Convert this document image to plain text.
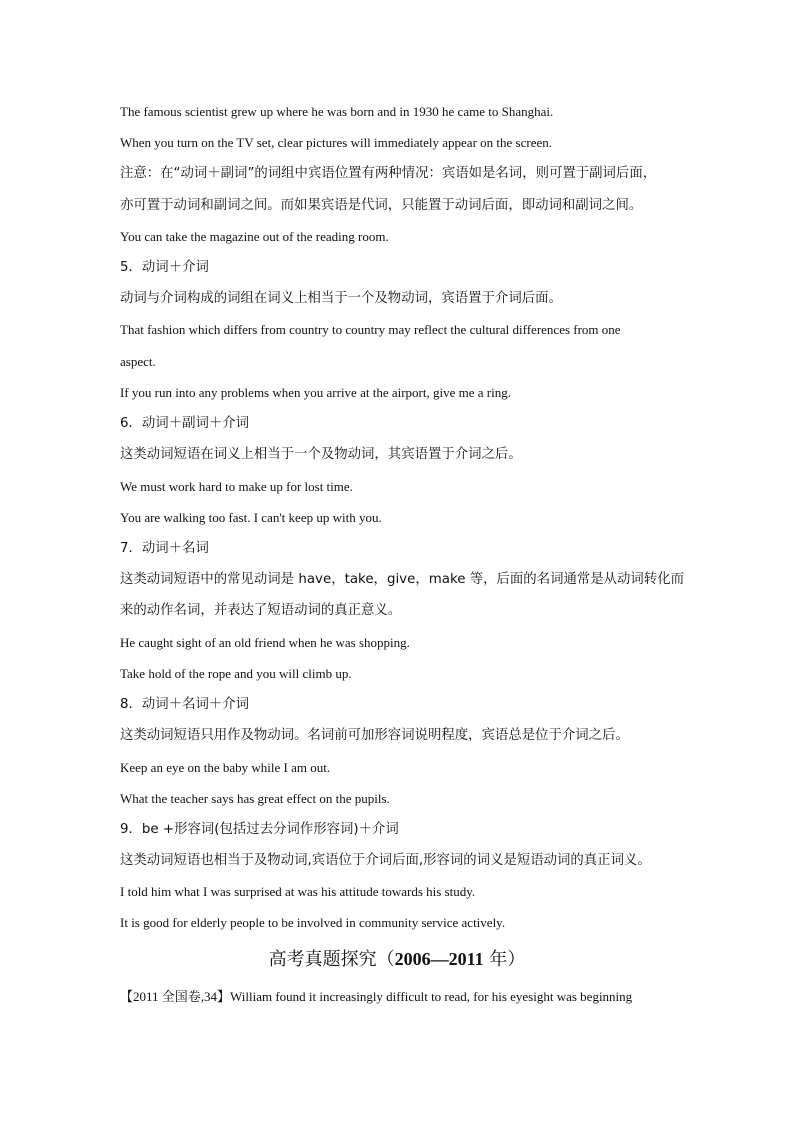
The famous scientist grew up where he was born and in 1930 he came to Shanghai.
When you turn on the TV set, clear pictures will immediately appear on the screen.
注意：在“动词＋副词”的词组中宾语位置有两种情况：宾语如是名词，则可置于副词后面，
亦可置于动词和副词之间。而如果宾语是代词，只能置于动词后面，即动词和副词之间。
You can take the magazine out of the reading room.
5．动词＋介词
动词与介词构成的词组在词义上相当于一个及物动词，宾语置于介词后面。
That fashion which differs from country to country may reflect the cultural differences from one
aspect.
If you run into any problems when you arrive at the airport, give me a ring.
6．动词＋副词＋介词
这类动词短语在词义上相当于一个及物动词，其宾语置于介词之后。
We must work hard to make up for lost time.
You are walking too fast. I can't keep up with you.
7．动词＋名词
这类动词短语中的常见动词是 have，take，give，make 等，后面的名词通常是从动词转化而
来的动作名词，并表达了短语动词的真正意义。
He caught sight of an old friend when he was shopping.
Take hold of the rope and you will climb up.
8．动词＋名词＋介词
这类动词短语只用作及物动词。名词前可加形容词说明程度，宾语总是位于介词之后。
Keep an eye on the baby while I am out.
What the teacher says has great effect on the pupils.
9．be +形容词(包括过去分词作形容词)＋介词
这类动词短语也相当于及物动词,宾语位于介词后面,形容词的词义是短语动词的真正词义。
I told him what I was surprised at was his attitude towards his study.
It is good for elderly people to be involved in community service actively.
高考真题探究（2006—2011 年）
【2011 全国卷,34】William found it increasingly difficult to read, for his eyesight was beginning
